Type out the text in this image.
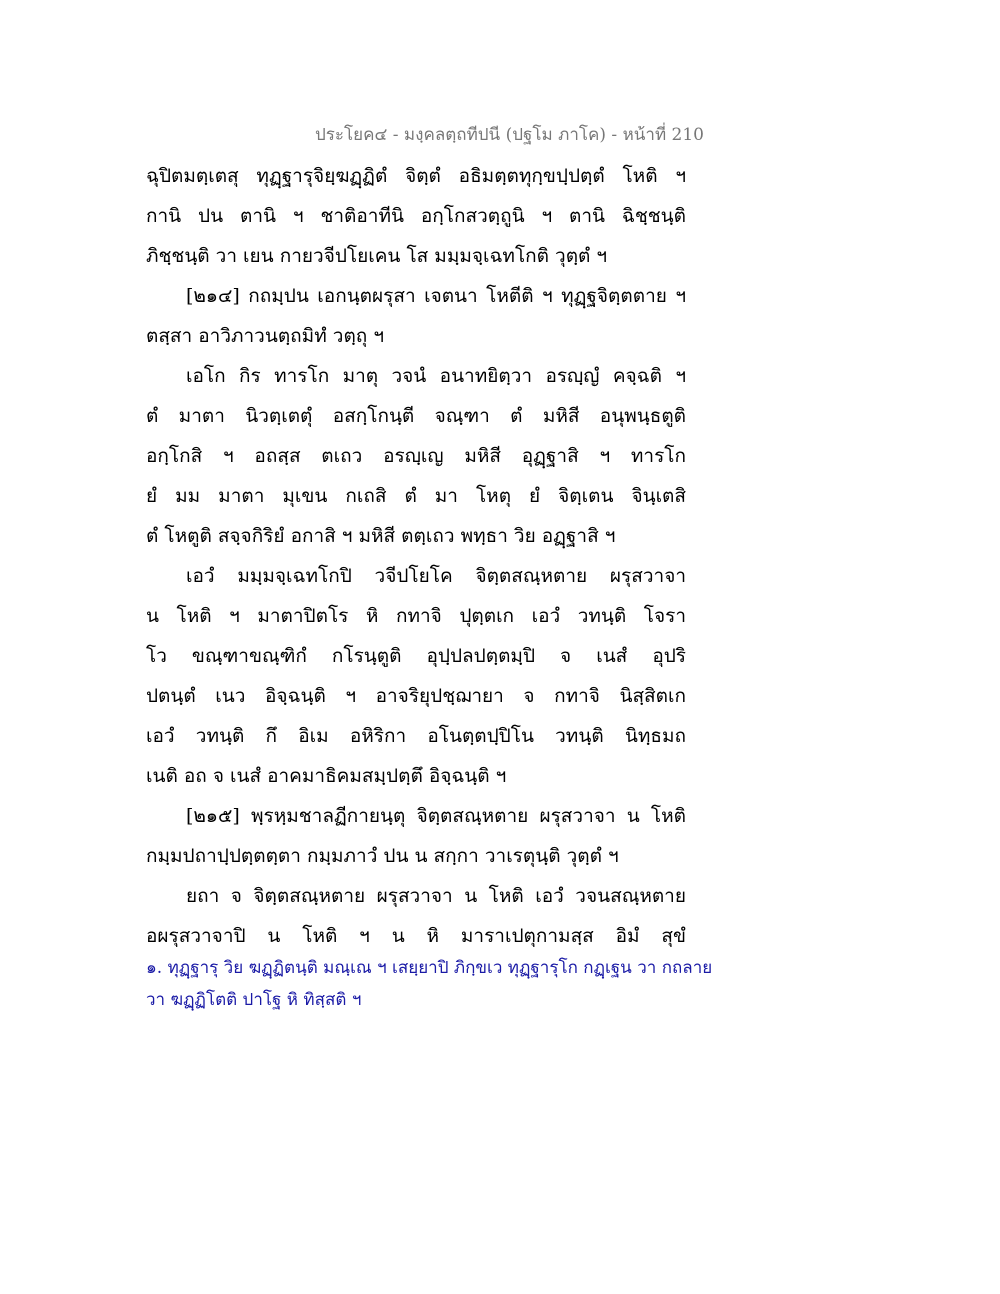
ประโยค๔ - มงฺคลตฺถทีปนี (ปฐโม ภาโค) - หน้าที่ 210
ฉุปิตมตฺเตสุ ทุฏฺฐารุจิยฺฆฏฺฏิตํ จิตฺตํ อธิมตฺตทุกฺขปฺปตฺตํ โหติ ฯ
กานิ ปน ตานิ ฯ ชาติอาทีนิ อกฺโกสวตฺถูนิ ฯ ตานิ ฉิชฺชนฺติ
ภิชฺชนฺติ วา เยน กายวจีปโยเคน โส มมฺมจฺเฉทโกติ วุตฺตํ ฯ
[๒๑๔] กถมฺปน เอกนฺตผรุสา เจตนา โหตีติ ฯ ทุฏฺฐจิตฺตตาย ฯ
ตสฺสา อาวิภาวนตฺถมิทํ วตฺถุ ฯ
เอโก กิร ทารโก มาตุ วจนํ อนาทยิตฺวา อรญฺญํ คจฺฉติ ฯ
ตํ มาตา นิวตฺเตตุํ อสกฺโกนฺตี จณฺฑา ตํ มหิสี อนุพนฺธตูติ
อกฺโกสิ ฯ อถสฺส ตเถว อรญฺเญ มหิสี อุฏฺฐาสิ ฯ ทารโก
ยํ มม มาตา มุเขน กเถสิ ตํ มา โหตุ ยํ จิตฺเตน จินฺเตสิ
ตํ โหตูติ สจฺจกิริยํ อกาสิ ฯ มหิสี ตตฺเถว พทฺธา วิย อฏฺฐาสิ ฯ
เอวํ มมฺมจฺเฉทโกปิ วจีปโยโค จิตฺตสณฺหตาย ผรุสวาจา
น โหติ ฯ มาตาปิตโร หิ กทาจิ ปุตฺตเก เอวํ วทนฺติ โจรา
โว ขณฺฑาขณฺฑิกํ กโรนฺตูติ อุปฺปลปตฺตมฺปิ จ เนสํ อุปริ
ปตนฺตํ เนว อิจฺฉนฺติ ฯ อาจริยุปชฺฌายา จ กทาจิ นิสฺสิตเก
เอวํ วทนฺติ กึ อิเม อหิริกา อโนตฺตปฺปิโน วทนฺติ นิทฺธมถ
เนติ อถ จ เนสํ อาคมาธิคมสมฺปตฺตึ อิจฺฉนฺติ ฯ
[๒๑๕] พฺรหฺมชาลฏีกายนฺตุ จิตฺตสณฺหตาย ผรุสวาจา น โหติ
กมฺมปถาปฺปตฺตตฺตา กมฺมภาวํ ปน น สกฺกา วาเรตุนฺติ วุตฺตํ ฯ
ยถา จ จิตฺตสณฺหตาย ผรุสวาจา น โหติ เอวํ วจนสณฺหตาย
อผรุสวาจาปิ น โหติ ฯ น หิ มาราเปตุกามสฺส อิมํ สุขํ
๑. ทุฏฺฐารุ วิย ฆฏฺฏิตนฺติ มณฺเณ ฯ เสยฺยาปิ ภิกฺขเว ทุฏฺฐารุโก กฏฺเฐน วา กถลาย
วา ฆฏฺฏิโตติ ปาโฐ หิ ทิสฺสติ ฯ
